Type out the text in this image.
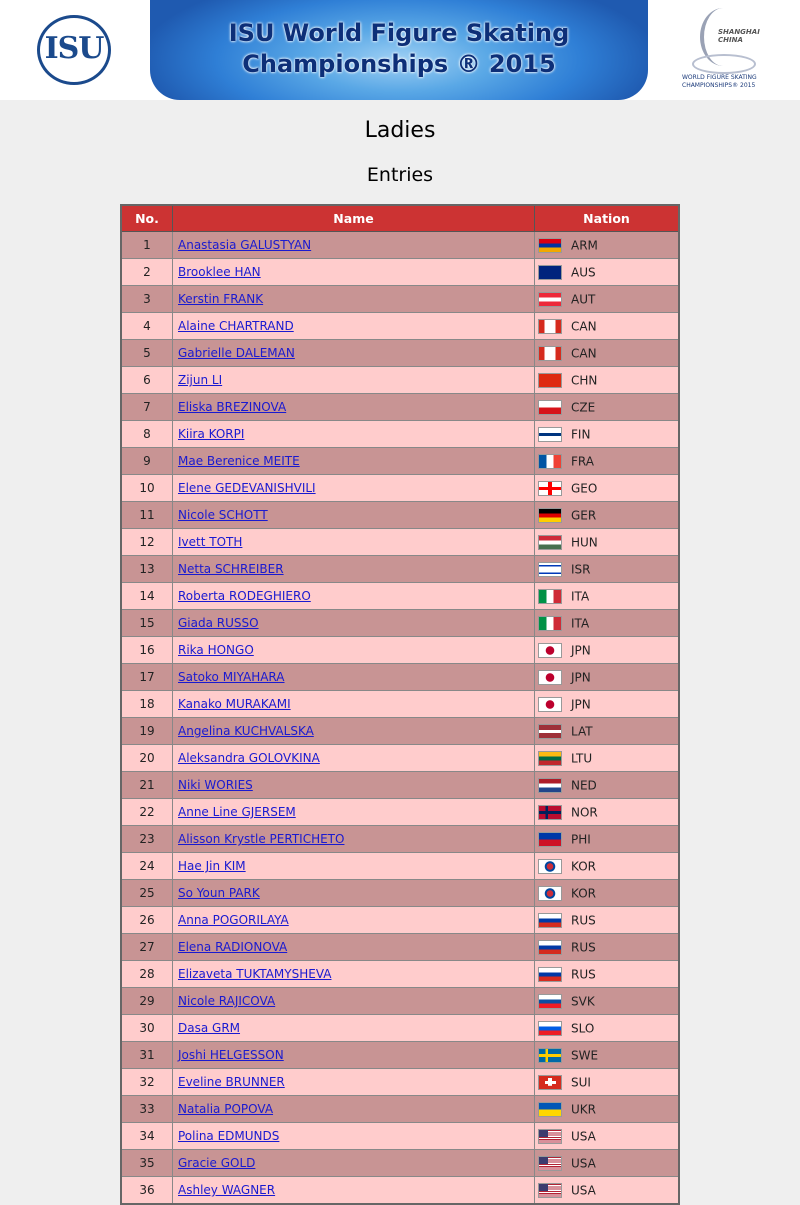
ISU	ISU World Figure Skating
Championships ® 2015
SHANGHAI CHINA
WORLD FIGURE SKATING CHAMPIONSHIPS® 2015
Ladies
Entries
No.	Name	Nation
1	Anastasia GALUSTYAN	ARM
2	Brooklee HAN	AUS
3	Kerstin FRANK	AUT
4	Alaine CHARTRAND	CAN
5	Gabrielle DALEMAN	CAN
6	Zijun LI	CHN
7	Eliska BREZINOVA	CZE
8	Kiira KORPI	FIN
9	Mae Berenice MEITE	FRA
10	Elene GEDEVANISHVILI	GEO
11	Nicole SCHOTT	GER
12	Ivett TOTH	HUN
13	Netta SCHREIBER	ISR
14	Roberta RODEGHIERO	ITA
15	Giada RUSSO	ITA
16	Rika HONGO	JPN
17	Satoko MIYAHARA	JPN
18	Kanako MURAKAMI	JPN
19	Angelina KUCHVALSKA	LAT
20	Aleksandra GOLOVKINA	LTU
21	Niki WORIES	NED
22	Anne Line GJERSEM	NOR
23	Alisson Krystle PERTICHETO	PHI
24	Hae Jin KIM	KOR
25	So Youn PARK	KOR
26	Anna POGORILAYA	RUS
27	Elena RADIONOVA	RUS
28	Elizaveta TUKTAMYSHEVA	RUS
29	Nicole RAJICOVA	SVK
30	Dasa GRM	SLO
31	Joshi HELGESSON	SWE
32	Eveline BRUNNER	SUI
33	Natalia POPOVA	UKR
34	Polina EDMUNDS	USA
35	Gracie GOLD	USA
36	Ashley WAGNER	USA
